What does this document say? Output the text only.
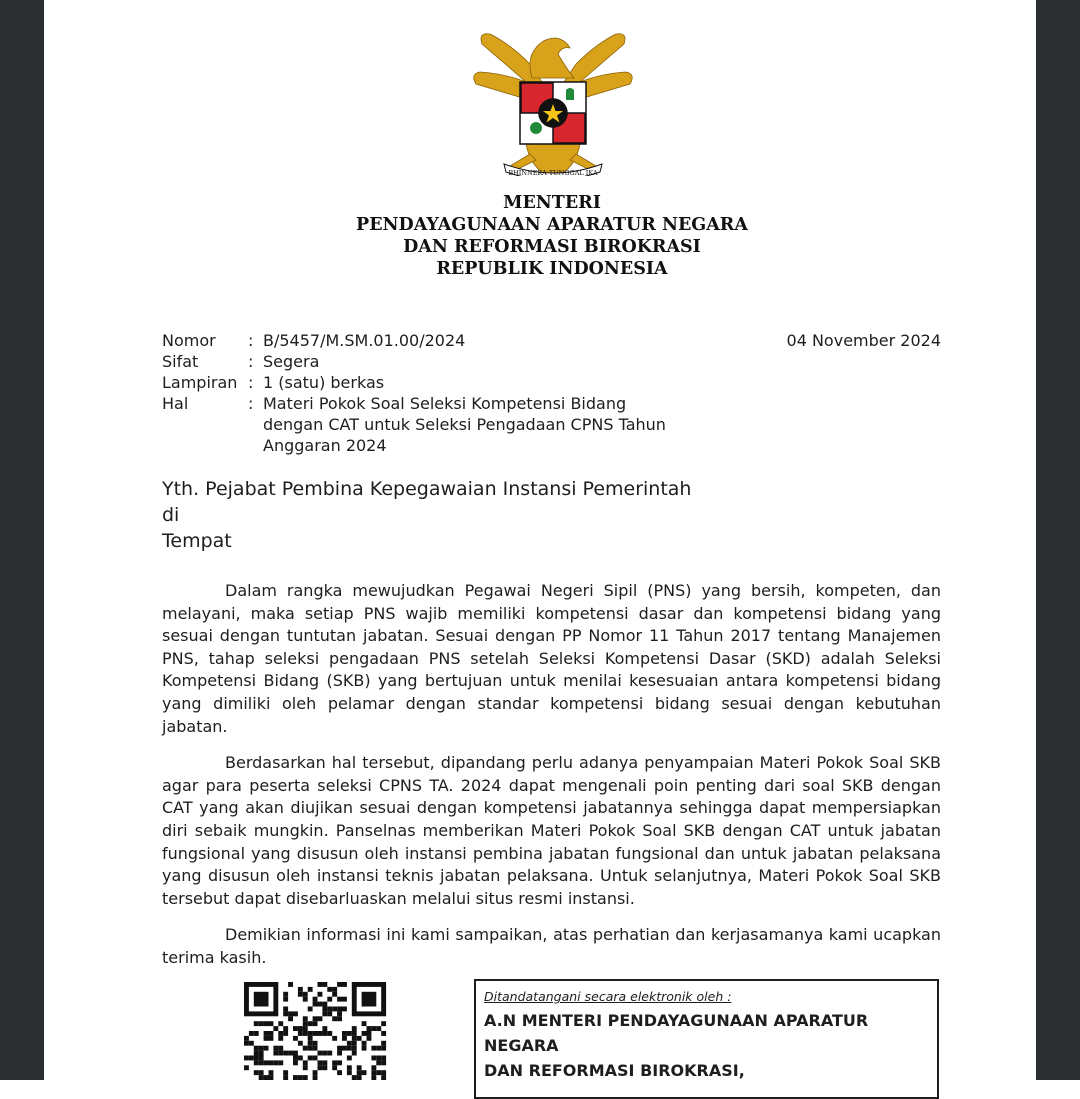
BHINNEKA TUNGGAL IKA
MENTERI
PENDAYAGUNAAN APARATUR NEGARA
DAN REFORMASI BIROKRASI
REPUBLIK INDONESIA
Nomor	: B/5457/M.SM.01.00/2024
Sifat	: Segera
Lampiran : 1 (satu) berkas
Hal	: Materi Pokok Soal Seleksi Kompetensi Bidang dengan CAT untuk Seleksi Pengadaan CPNS Tahun Anggaran 2024
04 November 2024
Yth. Pejabat Pembina Kepegawaian Instansi Pemerintah
di
Tempat

Dalam rangka mewujudkan Pegawai Negeri Sipil (PNS) yang bersih, kompeten, dan melayani, maka setiap PNS wajib memiliki kompetensi dasar dan kompetensi bidang yang sesuai dengan tuntutan jabatan. Sesuai dengan PP Nomor 11 Tahun 2017 tentang Manajemen PNS, tahap seleksi pengadaan PNS setelah Seleksi Kompetensi Dasar (SKD) adalah Seleksi Kompetensi Bidang (SKB) yang bertujuan untuk menilai kesesuaian antara kompetensi bidang yang dimiliki oleh pelamar dengan standar kompetensi bidang sesuai dengan kebutuhan jabatan.

Berdasarkan hal tersebut, dipandang perlu adanya penyampaian Materi Pokok Soal SKB agar para peserta seleksi CPNS TA. 2024 dapat mengenali poin penting dari soal SKB dengan CAT yang akan diujikan sesuai dengan kompetensi jabatannya sehingga dapat mempersiapkan diri sebaik mungkin. Panselnas memberikan Materi Pokok Soal SKB dengan CAT untuk jabatan fungsional yang disusun oleh instansi pembina jabatan fungsional dan untuk jabatan pelaksana yang disusun oleh instansi teknis jabatan pelaksana. Untuk selanjutnya, Materi Pokok Soal SKB tersebut dapat disebarluaskan melalui situs resmi instansi.

Demikian informasi ini kami sampaikan, atas perhatian dan kerjasamanya kami ucapkan terima kasih.

Ditandatangani secara elektronik oleh :
A.N MENTERI PENDAYAGUNAAN APARATUR
NEGARA
DAN REFORMASI BIROKRASI,
